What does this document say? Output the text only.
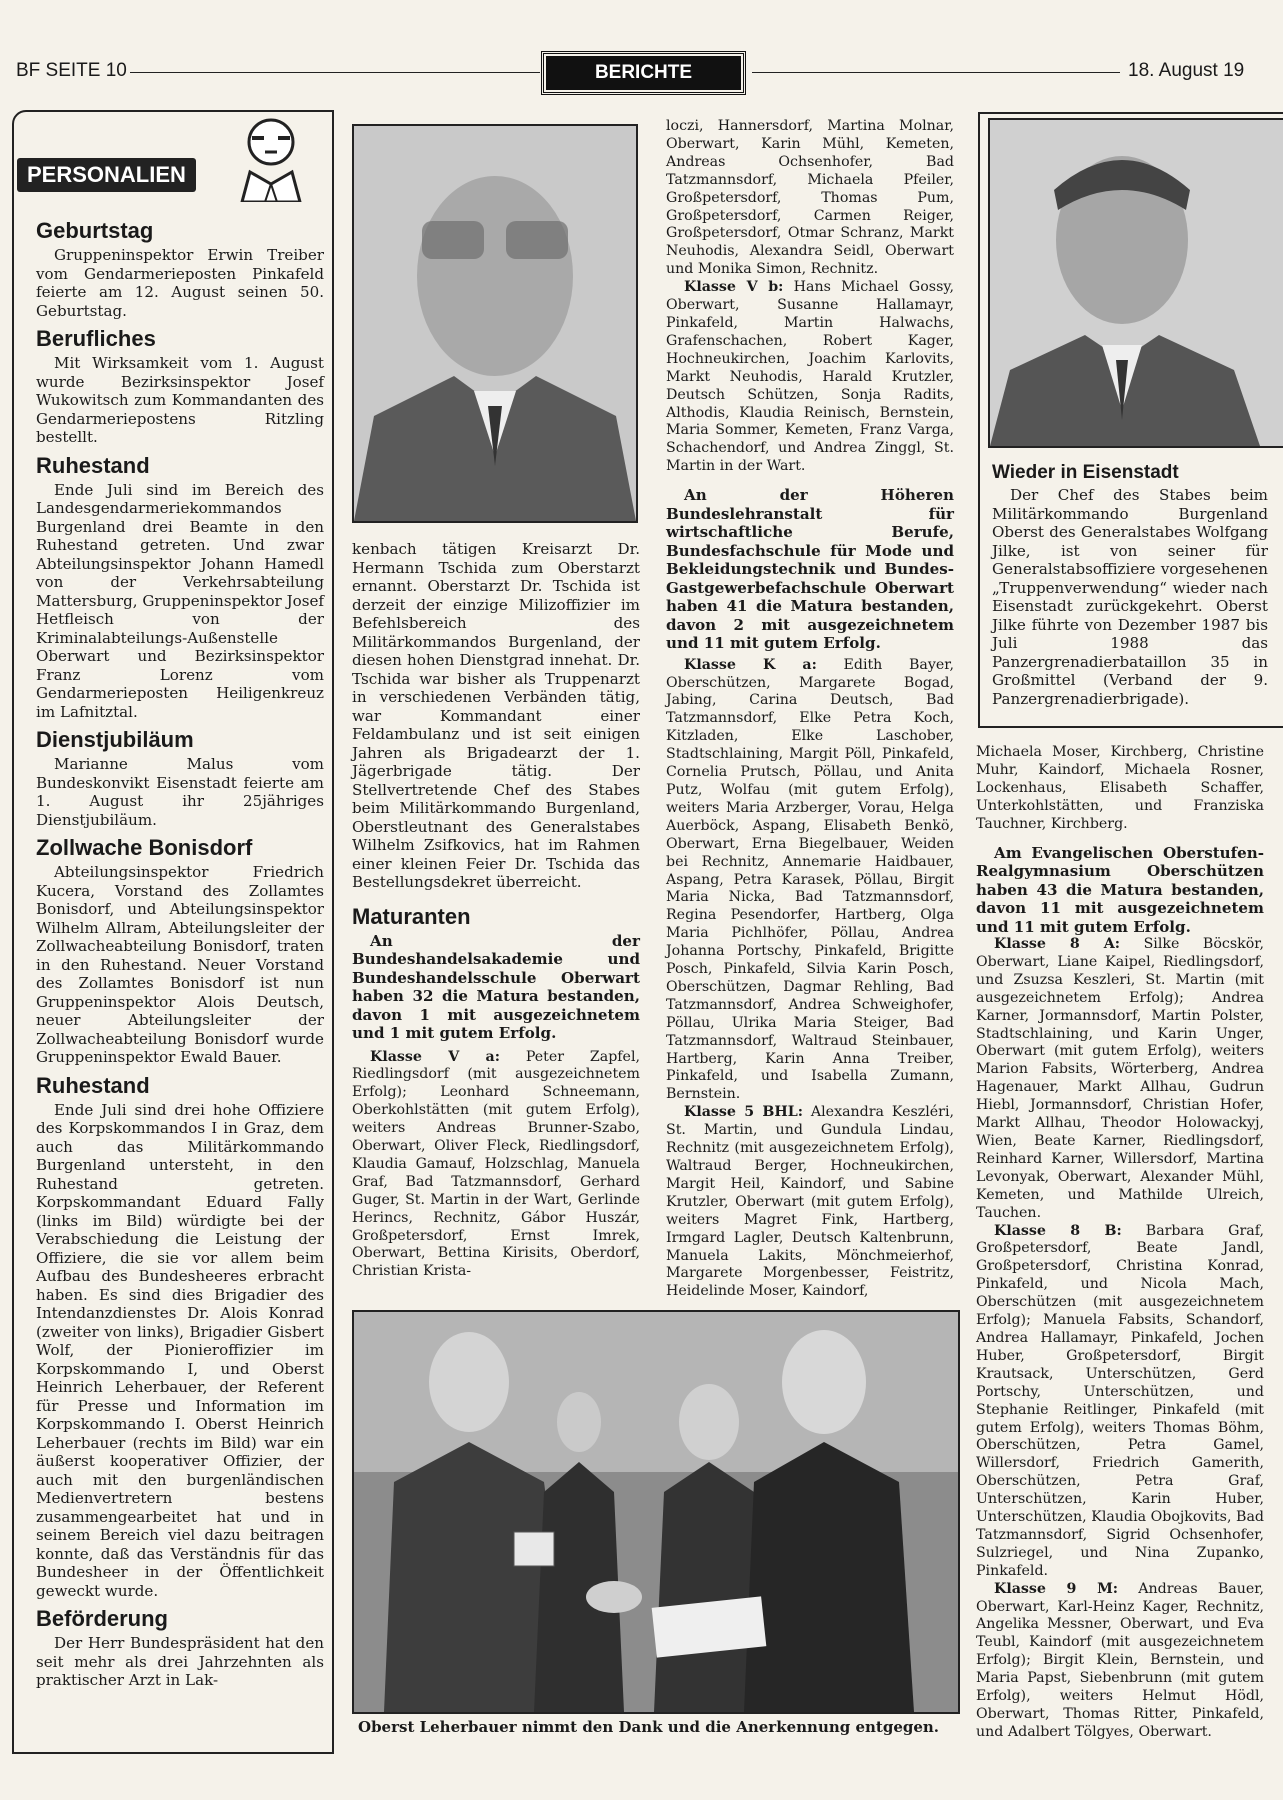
BF SEITE 10	BERICHTE	18. August 19
PERSONALIEN
Geburtstag

Gruppeninspektor Erwin Treiber vom Gendarmerieposten Pinkafeld feierte am 12. August seinen 50. Geburtstag.

Berufliches

Mit Wirksamkeit vom 1. August wurde Bezirksinspektor Josef Wukowitsch zum Kommandanten des Gendarmeriepostens Ritzling bestellt.

Ruhestand

Ende Juli sind im Bereich des Landesgendarmeriekommandos Burgenland drei Beamte in den Ruhestand getreten. Und zwar Abteilungsinspektor Johann Hamedl von der Verkehrsabteilung Mattersburg, Gruppeninspektor Josef Hetfleisch von der Kriminalabteilungs-Außenstelle Oberwart und Bezirksinspektor Franz Lorenz vom Gendarmerieposten Heiligenkreuz im Lafnitztal.

Dienstjubiläum

Marianne Malus vom Bundeskonvikt Eisenstadt feierte am 1. August ihr 25jähriges Dienstjubiläum.

Zollwache Bonisdorf

Abteilungsinspektor Friedrich Kucera, Vorstand des Zollamtes Bonisdorf, und Abteilungsinspektor Wilhelm Allram, Abteilungsleiter der Zollwacheabteilung Bonisdorf, traten in den Ruhestand. Neuer Vorstand des Zollamtes Bonisdorf ist nun Gruppeninspektor Alois Deutsch, neuer Abteilungsleiter der Zollwacheabteilung Bonisdorf wurde Gruppeninspektor Ewald Bauer.

Ruhestand

Ende Juli sind drei hohe Offiziere des Korpskommandos I in Graz, dem auch das Militärkommando Burgenland untersteht, in den Ruhestand getreten. Korpskommandant Eduard Fally (links im Bild) würdigte bei der Verabschiedung die Leistung der Offiziere, die sie vor allem beim Aufbau des Bundesheeres erbracht haben. Es sind dies Brigadier des Intendanzdienstes Dr. Alois Konrad (zweiter von links), Brigadier Gisbert Wolf, der Pionieroffizier im Korpskommando I, und Oberst Heinrich Leherbauer, der Referent für Presse und Information im Korpskommando I. Oberst Heinrich Leherbauer (rechts im Bild) war ein äußerst kooperativer Offizier, der auch mit den burgenländischen Medienvertretern bestens zusammengearbeitet hat und in seinem Bereich viel dazu beitragen konnte, daß das Verständnis für das Bundesheer in der Öffentlichkeit geweckt wurde.

Beförderung

Der Herr Bundespräsident hat den seit mehr als drei Jahrzehnten als praktischer Arzt in Lak-

kenbach tätigen Kreisarzt Dr. Hermann Tschida zum Oberstarzt ernannt. Oberstarzt Dr. Tschida ist derzeit der einzige Milizoffizier im Befehlsbereich des Militärkommandos Burgenland, der diesen hohen Dienstgrad innehat. Dr. Tschida war bisher als Truppenarzt in verschiedenen Verbänden tätig, war Kommandant einer Feldambulanz und ist seit einigen Jahren als Brigadearzt der 1. Jägerbrigade tätig. Der Stellvertretende Chef des Stabes beim Militärkommando Burgenland, Oberstleutnant des Generalstabes Wilhelm Zsifkovics, hat im Rahmen einer kleinen Feier Dr. Tschida das Bestellungsdekret überreicht.

Maturanten

An der Bundeshandelsakademie und Bundeshandelsschule Oberwart haben 32 die Matura bestanden, davon 1 mit ausgezeichnetem und 1 mit gutem Erfolg.

Klasse V a: Peter Zapfel, Riedlingsdorf (mit ausgezeichnetem Erfolg); Leonhard Schneemann, Oberkohlstätten (mit gutem Erfolg), weiters Andreas Brunner-Szabo, Oberwart, Oliver Fleck, Riedlingsdorf, Klaudia Gamauf, Holzschlag, Manuela Graf, Bad Tatzmannsdorf, Gerhard Guger, St. Martin in der Wart, Gerlinde Herincs, Rechnitz, Gábor Huszár, Großpetersdorf, Ernst Imrek, Oberwart, Bettina Kirisits, Oberdorf, Christian Krista-

loczi, Hannersdorf, Martina Molnar, Oberwart, Karin Mühl, Kemeten, Andreas Ochsenhofer, Bad Tatzmannsdorf, Michaela Pfeiler, Großpetersdorf, Thomas Pum, Großpetersdorf, Carmen Reiger, Großpetersdorf, Otmar Schranz, Markt Neuhodis, Alexandra Seidl, Oberwart und Monika Simon, Rechnitz.

Klasse V b: Hans Michael Gossy, Oberwart, Susanne Hallamayr, Pinkafeld, Martin Halwachs, Grafenschachen, Robert Kager, Hochneukirchen, Joachim Karlovits, Markt Neuhodis, Harald Krutzler, Deutsch Schützen, Sonja Radits, Althodis, Klaudia Reinisch, Bernstein, Maria Sommer, Kemeten, Franz Varga, Schachendorf, und Andrea Zinggl, St. Martin in der Wart.

An der Höheren Bundeslehranstalt für wirtschaftliche Berufe, Bundesfachschule für Mode und Bekleidungstechnik und Bundes-Gastgewerbefachschule Oberwart haben 41 die Matura bestanden, davon 2 mit ausgezeichnetem und 11 mit gutem Erfolg.

Klasse K a: Edith Bayer, Oberschützen, Margarete Bogad, Jabing, Carina Deutsch, Bad Tatzmannsdorf, Elke Petra Koch, Kitzladen, Elke Laschober, Stadtschlaining, Margit Pöll, Pinkafeld, Cornelia Prutsch, Pöllau, und Anita Putz, Wolfau (mit gutem Erfolg), weiters Maria Arzberger, Vorau, Helga Auerböck, Aspang, Elisabeth Benkö, Oberwart, Erna Biegelbauer, Weiden bei Rechnitz, Annemarie Haidbauer, Aspang, Petra Karasek, Pöllau, Birgit Maria Nicka, Bad Tatzmannsdorf, Regina Pesendorfer, Hartberg, Olga Maria Pichlhöfer, Pöllau, Andrea Johanna Portschy, Pinkafeld, Brigitte Posch, Pinkafeld, Silvia Karin Posch, Oberschützen, Dagmar Rehling, Bad Tatzmannsdorf, Andrea Schweighofer, Pöllau, Ulrika Maria Steiger, Bad Tatzmannsdorf, Waltraud Steinbauer, Hartberg, Karin Anna Treiber, Pinkafeld, und Isabella Zumann, Bernstein.

Klasse 5 BHL: Alexandra Keszléri, St. Martin, und Gundula Lindau, Rechnitz (mit ausgezeichnetem Erfolg), Waltraud Berger, Hochneukirchen, Margit Heil, Kaindorf, und Sabine Krutzler, Oberwart (mit gutem Erfolg), weiters Magret Fink, Hartberg, Irmgard Lagler, Deutsch Kaltenbrunn, Manuela Lakits, Mönchmeierhof, Margarete Morgenbesser, Feistritz, Heidelinde Moser, Kaindorf,

Wieder in Eisenstadt

Der Chef des Stabes beim Militärkommando Burgenland Oberst des Generalstabes Wolfgang Jilke, ist von seiner für Generalstabsoffiziere vorgesehenen „Truppenverwendung“ wieder nach Eisenstadt zurückgekehrt. Oberst Jilke führte von Dezember 1987 bis Juli 1988 das Panzergrenadierbataillon 35 in Großmittel (Verband der 9. Panzergrenadierbrigade).

Michaela Moser, Kirchberg, Christine Muhr, Kaindorf, Michaela Rosner, Lockenhaus, Elisabeth Schaffer, Unterkohlstätten, und Franziska Tauchner, Kirchberg.

Am Evangelischen Oberstufen-Realgymnasium Oberschützen haben 43 die Matura bestanden, davon 11 mit ausgezeichnetem und 11 mit gutem Erfolg.

Klasse 8 A: Silke Böcskör, Oberwart, Liane Kaipel, Riedlingsdorf, und Zsuzsa Keszleri, St. Martin (mit ausgezeichnetem Erfolg); Andrea Karner, Jormannsdorf, Martin Polster, Stadtschlaining, und Karin Unger, Oberwart (mit gutem Erfolg), weiters Marion Fabsits, Wörterberg, Andrea Hagenauer, Markt Allhau, Gudrun Hiebl, Jormannsdorf, Christian Hofer, Markt Allhau, Theodor Holowackyj, Wien, Beate Karner, Riedlingsdorf, Reinhard Karner, Willersdorf, Martina Levonyak, Oberwart, Alexander Mühl, Kemeten, und Mathilde Ulreich, Tauchen.

Klasse 8 B: Barbara Graf, Großpetersdorf, Beate Jandl, Großpetersdorf, Christina Konrad, Pinkafeld, und Nicola Mach, Oberschützen (mit ausgezeichnetem Erfolg); Manuela Fabsits, Schandorf, Andrea Hallamayr, Pinkafeld, Jochen Huber, Großpetersdorf, Birgit Krautsack, Unterschützen, Gerd Portschy, Unterschützen, und Stephanie Reitlinger, Pinkafeld (mit gutem Erfolg), weiters Thomas Böhm, Oberschützen, Petra Gamel, Willersdorf, Friedrich Gamerith, Oberschützen, Petra Graf, Unterschützen, Karin Huber, Unterschützen, Klaudia Obojkovits, Bad Tatzmannsdorf, Sigrid Ochsenhofer, Sulzriegel, und Nina Zupanko, Pinkafeld.

Klasse 9 M: Andreas Bauer, Oberwart, Karl-Heinz Kager, Rechnitz, Angelika Messner, Oberwart, und Eva Teubl, Kaindorf (mit ausgezeichnetem Erfolg); Birgit Klein, Bernstein, und Maria Papst, Siebenbrunn (mit gutem Erfolg), weiters Helmut Hödl, Oberwart, Thomas Ritter, Pinkafeld, und Adalbert Tölgyes, Oberwart.

Oberst Leherbauer nimmt den Dank und die Anerkennung entgegen.
